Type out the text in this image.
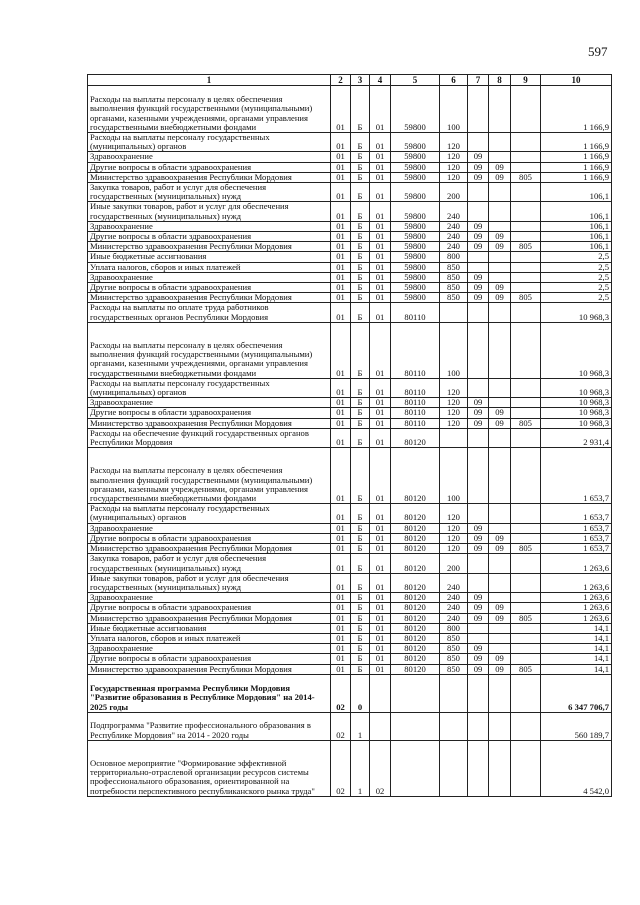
597
1	2	3	4	5	6	7	8	9	10
Расходы на выплаты персоналу в целях обеспечения выполнения функций государственными (муниципальными) органами, казенными учреждениями, органами управления государственными внебюджетными фондами	01	Б	01	59800	100				1 166,9
Расходы на выплаты персоналу государственных (муниципальных) органов	01	Б	01	59800	120				1 166,9
Здравоохранение	01	Б	01	59800	120	09			1 166,9
Другие вопросы в области здравоохранения	01	Б	01	59800	120	09	09		1 166,9
Министерство здравоохранения Республики Мордовия	01	Б	01	59800	120	09	09	805	1 166,9
Закупка товаров, работ и услуг для обеспечения государственных (муниципальных) нужд	01	Б	01	59800	200				106,1
Иные закупки товаров, работ и услуг для обеспечения государственных (муниципальных) нужд	01	Б	01	59800	240				106,1
Здравоохранение	01	Б	01	59800	240	09			106,1
Другие вопросы в области здравоохранения	01	Б	01	59800	240	09	09		106,1
Министерство здравоохранения Республики Мордовия	01	Б	01	59800	240	09	09	805	106,1
Иные бюджетные ассигнования	01	Б	01	59800	800				2,5
Уплата налогов, сборов и иных платежей	01	Б	01	59800	850				2,5
Здравоохранение	01	Б	01	59800	850	09			2,5
Другие вопросы в области здравоохранения	01	Б	01	59800	850	09	09		2,5
Министерство здравоохранения Республики Мордовия	01	Б	01	59800	850	09	09	805	2,5
Расходы на выплаты по оплате труда работников государственных органов Республики Мордовия	01	Б	01	80110					10 968,3
Расходы на выплаты персоналу в целях обеспечения выполнения функций государственными (муниципальными) органами, казенными учреждениями, органами управления государственными внебюджетными фондами	01	Б	01	80110	100				10 968,3
Расходы на выплаты персоналу государственных (муниципальных) органов	01	Б	01	80110	120				10 968,3
Здравоохранение	01	Б	01	80110	120	09			10 968,3
Другие вопросы в области здравоохранения	01	Б	01	80110	120	09	09		10 968,3
Министерство здравоохранения Республики Мордовия	01	Б	01	80110	120	09	09	805	10 968,3
Расходы на обеспечение функций государственных органов Республики Мордовия	01	Б	01	80120					2 931,4
Расходы на выплаты персоналу в целях обеспечения выполнения функций государственными (муниципальными) органами, казенными учреждениями, органами управления государственными внебюджетными фондами	01	Б	01	80120	100				1 653,7
Расходы на выплаты персоналу государственных (муниципальных) органов	01	Б	01	80120	120				1 653,7
Здравоохранение	01	Б	01	80120	120	09			1 653,7
Другие вопросы в области здравоохранения	01	Б	01	80120	120	09	09		1 653,7
Министерство здравоохранения Республики Мордовия	01	Б	01	80120	120	09	09	805	1 653,7
Закупка товаров, работ и услуг для обеспечения государственных (муниципальных) нужд	01	Б	01	80120	200				1 263,6
Иные закупки товаров, работ и услуг для обеспечения государственных (муниципальных) нужд	01	Б	01	80120	240				1 263,6
Здравоохранение	01	Б	01	80120	240	09			1 263,6
Другие вопросы в области здравоохранения	01	Б	01	80120	240	09	09		1 263,6
Министерство здравоохранения Республики Мордовия	01	Б	01	80120	240	09	09	805	1 263,6
Иные бюджетные ассигнования	01	Б	01	80120	800				14,1
Уплата налогов, сборов и иных платежей	01	Б	01	80120	850				14,1
Здравоохранение	01	Б	01	80120	850	09			14,1
Другие вопросы в области здравоохранения	01	Б	01	80120	850	09	09		14,1
Министерство здравоохранения Республики Мордовия	01	Б	01	80120	850	09	09	805	14,1
Государственная программа Республики Мордовия "Развитие образования в Республике Мордовия" на 2014-2025 годы	02	0							6 347 706,7
Подпрограмма "Развитие профессионального образования в Республике Мордовия" на 2014 - 2020 годы	02	1							560 189,7
Основное мероприятие "Формирование эффективной территориально-отраслевой организации ресурсов системы профессионального образования, ориентированной на потребности перспективного республиканского рынка труда"	02	1	02						4 542,0
